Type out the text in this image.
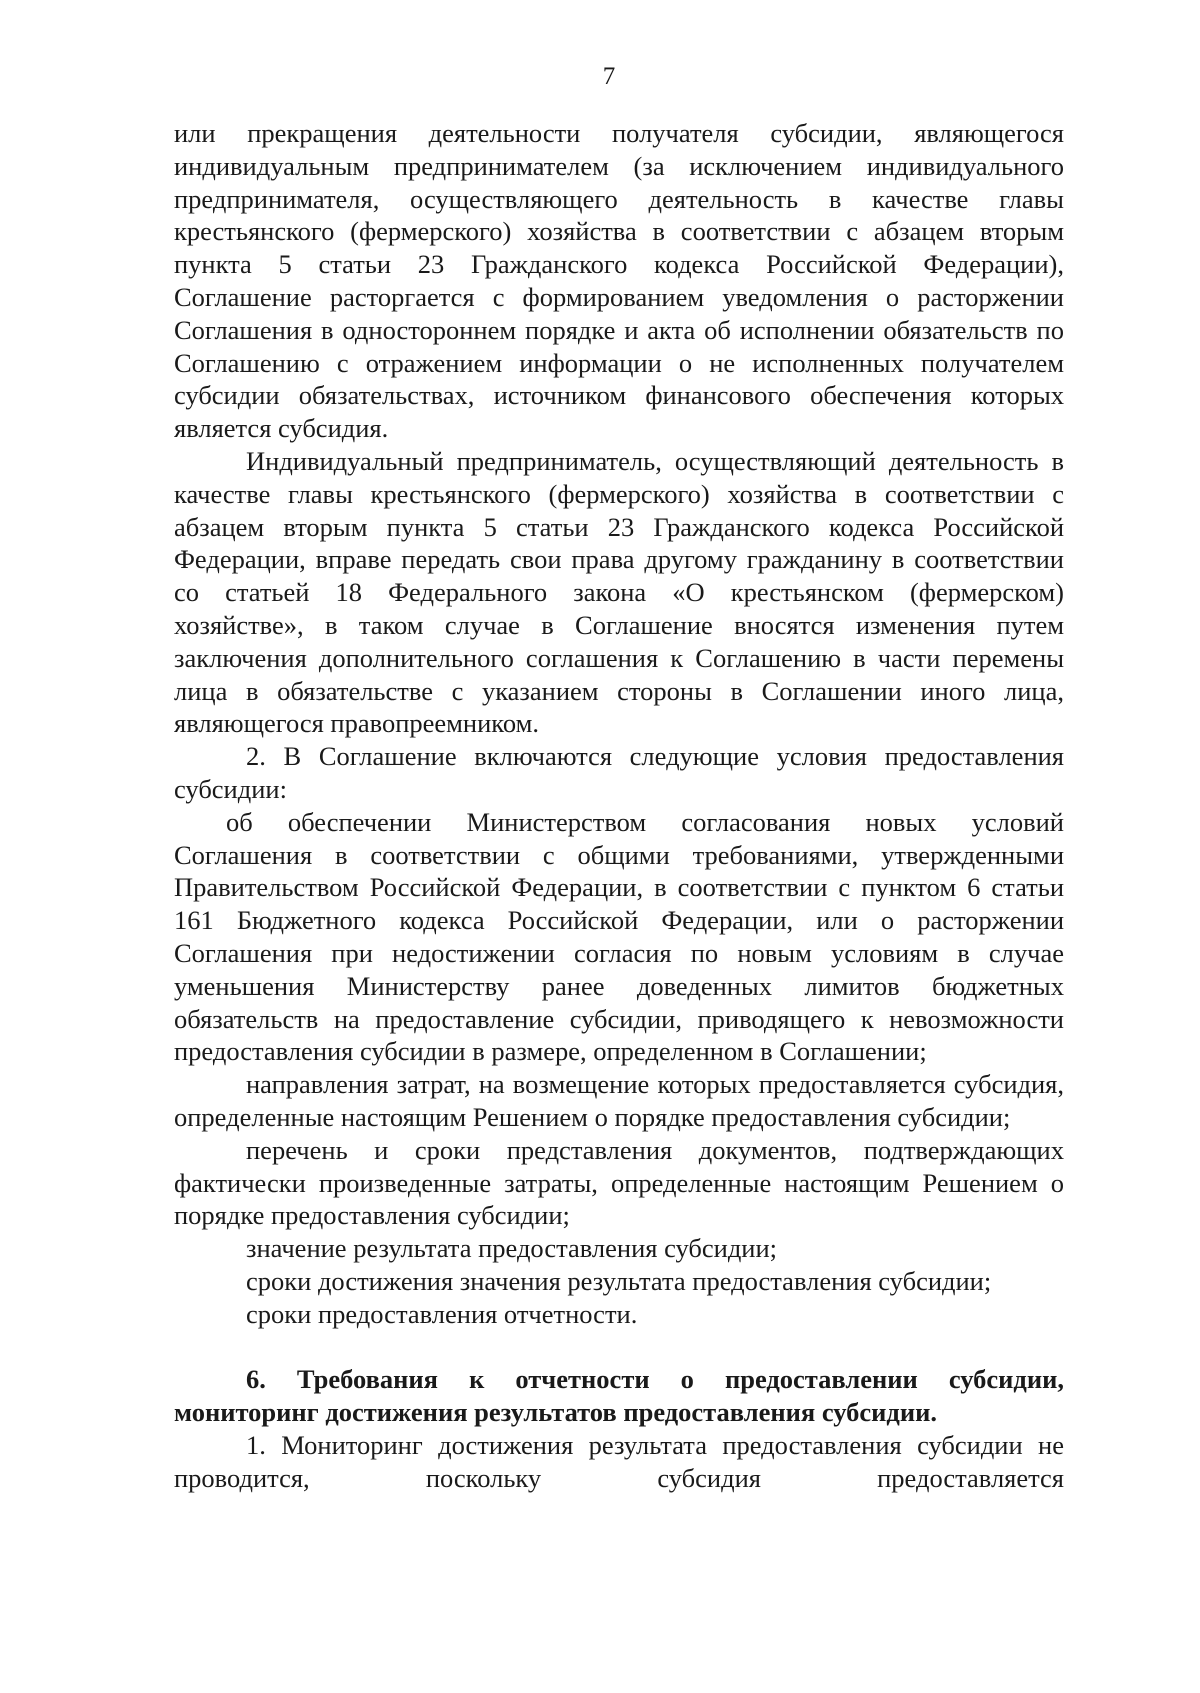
7

или прекращения деятельности получателя субсидии, являющегося индивидуальным предпринимателем (за исключением индивидуального предпринимателя, осуществляющего деятельность в качестве главы крестьянского (фермерского) хозяйства в соответствии с абзацем вторым пункта 5 статьи 23 Гражданского кодекса Российской Федерации), Соглашение расторгается с формированием уведомления о расторжении Соглашения в одностороннем порядке и акта об исполнении обязательств по Соглашению с отражением информации о не исполненных получателем субсидии обязательствах, источником финансового обеспечения которых является субсидия.

Индивидуальный предприниматель, осуществляющий деятельность в качестве главы крестьянского (фермерского) хозяйства в соответствии с абзацем вторым пункта 5 статьи 23 Гражданского кодекса Российской Федерации, вправе передать свои права другому гражданину в соответствии со статьей 18 Федерального закона «О крестьянском (фермерском) хозяйстве», в таком случае в Соглашение вносятся изменения путем заключения дополнительного соглашения к Соглашению в части перемены лица в обязательстве с указанием стороны в Соглашении иного лица, являющегося правопреемником.

2. В Соглашение включаются следующие условия предоставления субсидии:

об обеспечении Министерством согласования новых условий Соглашения в соответствии с общими требованиями, утвержденными Правительством Российской Федерации, в соответствии с пунктом 6 статьи 161 Бюджетного кодекса Российской Федерации, или о расторжении Соглашения при недостижении согласия по новым условиям в случае уменьшения Министерству ранее доведенных лимитов бюджетных обязательств на предоставление субсидии, приводящего к невозможности предоставления субсидии в размере, определенном в Соглашении;

направления затрат, на возмещение которых предоставляется субсидия, определенные настоящим Решением о порядке предоставления субсидии;

перечень и сроки представления документов, подтверждающих фактически произведенные затраты, определенные настоящим Решением о порядке предоставления субсидии;

значение результата предоставления субсидии;

сроки достижения значения результата предоставления субсидии;

сроки предоставления отчетности.

6. Требования к отчетности о предоставлении субсидии, мониторинг достижения результатов предоставления субсидии.

1. Мониторинг достижения результата предоставления субсидии не проводится, поскольку субсидия предоставляется
